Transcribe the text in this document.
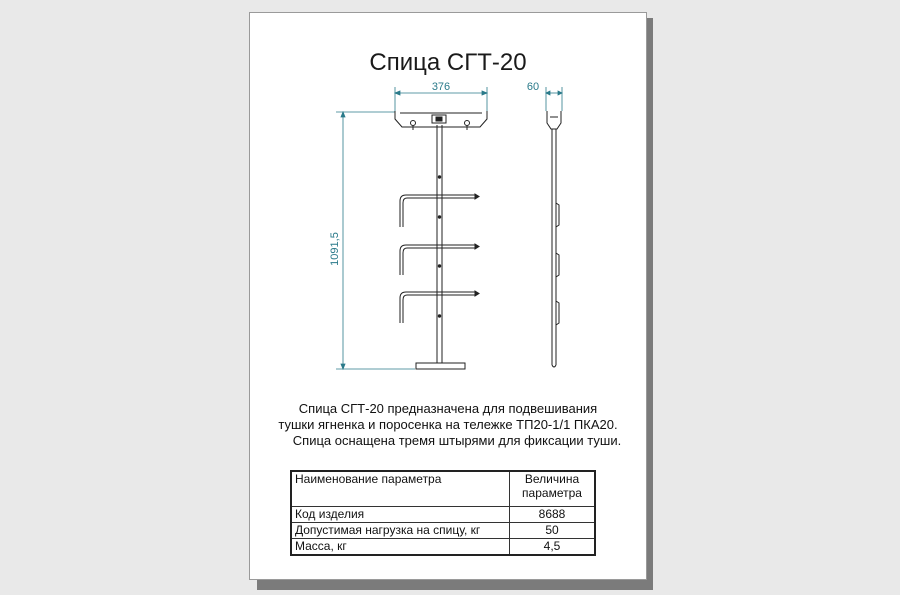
Спица СГТ-20
376	60
1091,5
Спица СГТ-20 предназначена для подвешивания
тушки ягненка и поросенка на тележке ТП20-1/1 ПКА20.
Спица оснащена тремя штырями для фиксации туши.
Наименование параметра	Величина параметра
Код изделия	8688
Допустимая нагрузка на спицу, кг	50
Масса, кг	4,5
